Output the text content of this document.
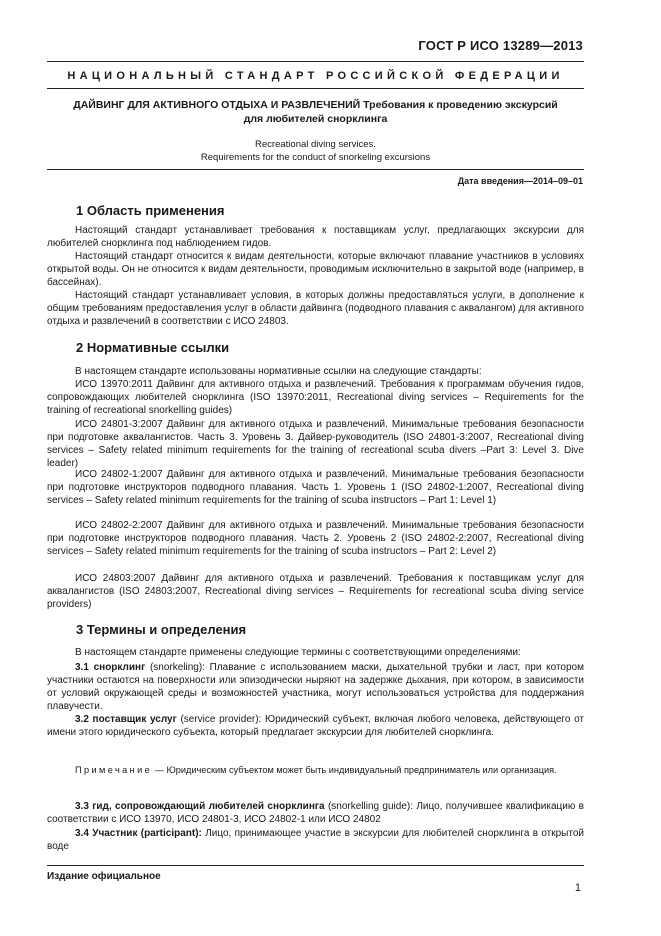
ГОСТ Р ИСО 13289—2013
НАЦИОНАЛЬНЫЙ СТАНДАРТ РОССИЙСКОЙ ФЕДЕРАЦИИ
ДАЙВИНГ ДЛЯ АКТИВНОГО ОТДЫХА И РАЗВЛЕЧЕНИЙ Требования к проведению экскурсий
для любителей снорклинга
Recreational diving services.
Requirements for the conduct of snorkeling excursions
Дата введения—2014–09–01
1 Область применения

Настоящий стандарт устанавливает требования к поставщикам услуг, предлагающих экскурсии для любителей снорклинга под наблюдением гидов.

Настоящий стандарт относится к видам деятельности, которые включают плавание участников в условиях открытой воды. Он не относится к видам деятельности, проводимым исключительно в закрытой воде (например, в бассейнах).

Настоящий стандарт устанавливает условия, в которых должны предоставляться услуги, в дополнение к общим требованиям предоставления услуг в области дайвинга (подводного плавания с аквалангом) для активного отдыха и развлечений в соответствии с ИСО 24803.

2 Нормативные ссылки

В настоящем стандарте использованы нормативные ссылки на следующие стандарты:

ИСО 13970:2011 Дайвинг для активного отдыха и развлечений. Требования к программам обучения гидов, сопровождающих любителей снорклинга (ISO 13970:2011, Recreational diving services – Requirements for the training of recreational snorkelling guides)

ИСО 24801-3:2007 Дайвинг для активного отдыха и развлечений. Минимальные требования безопасности при подготовке аквалангистов. Часть 3. Уровень 3. Дайвер-руководитель (ISO 24801-3:2007, Recreational diving services – Safety related minimum requirements for the training of recreational scuba divers –Part 3: Level 3. Dive leader)

ИСО 24802-1:2007 Дайвинг для активного отдыха и развлечений. Минимальные требования безопасности при подготовке инструкторов подводного плавания. Часть 1. Уровень 1 (ISO 24802-1:2007, Recreational diving services – Safety related minimum requirements for the training of scuba instructors – Part 1: Level 1)

ИСО 24802-2:2007 Дайвинг для активного отдыха и развлечений. Минимальные требования безопасности при подготовке инструкторов подводного плавания. Часть 2. Уровень 2 (ISO 24802-2:2007, Recreational diving services – Safety related minimum requirements for the training of scuba instructors – Part 2: Level 2)

ИСО 24803:2007 Дайвинг для активного отдыха и развлечений. Требования к поставщикам услуг для аквалангистов (ISO 24803:2007, Recreational diving services – Requirements for recreational scuba diving service providers)

3 Термины и определения

В настоящем стандарте применены следующие термины с соответствующими определениями:

3.1 снорклинг (snorkeling): Плавание с использованием маски, дыхательной трубки и ласт, при котором участники остаются на поверхности или эпизодически ныряют на задержке дыхания, при котором, в зависимости от условий окружающей среды и возможностей участника, могут использоваться устройства для поддержания плавучести.

3.2 поставщик услуг (service provider): Юридический субъект, включая любого человека, действующего от имени этого юридического субъекта, который предлагает экскурсии для любителей снорклинга.

Примечание — Юридическим субъектом может быть индивидуальный предприниматель или организация.

3.3 гид, сопровождающий любителей снорклинга (snorkelling guide): Лицо, получившее квалификацию в соответствии с ИСО 13970, ИСО 24801-3, ИСО 24802-1 или ИСО 24802

3.4 Участник (participant): Лицо, принимающее участие в экскурсии для любителей снорклинга в открытой воде

Издание официальное
1
